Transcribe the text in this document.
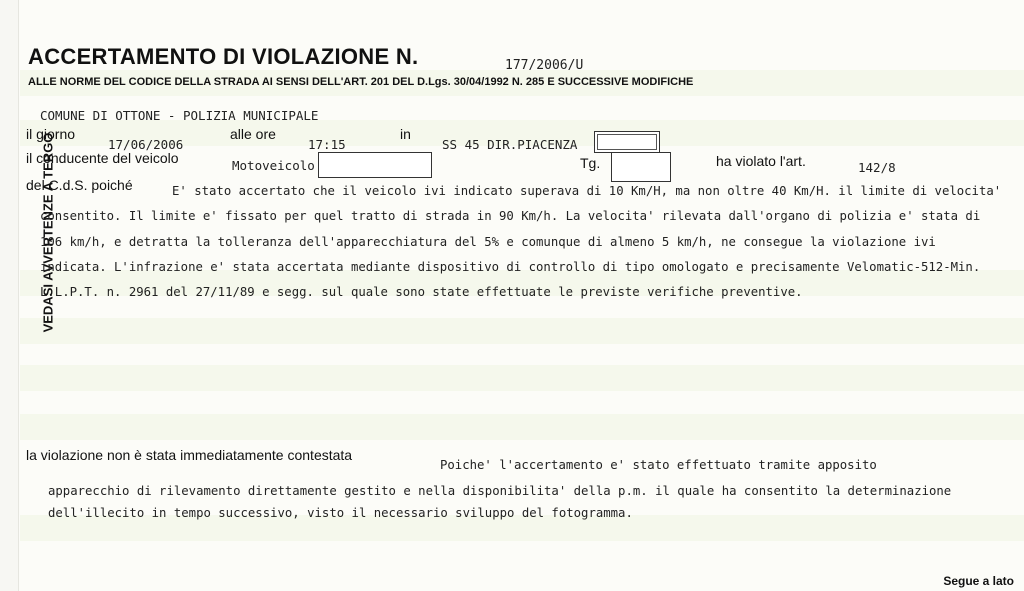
VEDASI AVVERTENZE A TERGO
ACCERTAMENTO DI VIOLAZIONE N.	177/2006/U
ALLE NORME DEL CODICE DELLA STRADA AI SENSI DELL'ART. 201 DEL D.Lgs. 30/04/1992 N. 285 E SUCCESSIVE MODIFICHE
COMUNE DI OTTONE - POLIZIA MUNICIPALE
il giorno
17/06/2006
alle ore
17:15
in
SS 45 DIR.PIACENZA
il conducente del veicolo	Motoveicolo	Tg.	ha violato l'art.	142/8
del C.d.S. poiché	E' stato accertato che il veicolo ivi indicato superava di 10 Km/H, ma non oltre 40 Km/H. il limite di velocita'
consentito. Il limite e' fissato per quel tratto di strada in 90 Km/h. La velocita' rilevata dall'organo di polizia e' stata di
106 km/h, e detratta la tolleranza dell'apparecchiatura del 5% e comunque di almeno 5 km/h, ne consegue la violazione ivi
indicata. L'infrazione e' stata accertata mediante dispositivo di controllo di tipo omologato e precisamente Velomatic-512-Min.
L.L.P.T. n. 2961 del 27/11/89 e segg. sul quale sono state effettuate le previste verifiche preventive.
la violazione non è stata immediatamente contestata
Poiche' l'accertamento e' stato effettuato tramite apposito
apparecchio di rilevamento direttamente gestito e nella disponibilita' della p.m. il quale ha consentito la determinazione
dell'illecito in tempo successivo, visto il necessario sviluppo del fotogramma.
Segue a lato
